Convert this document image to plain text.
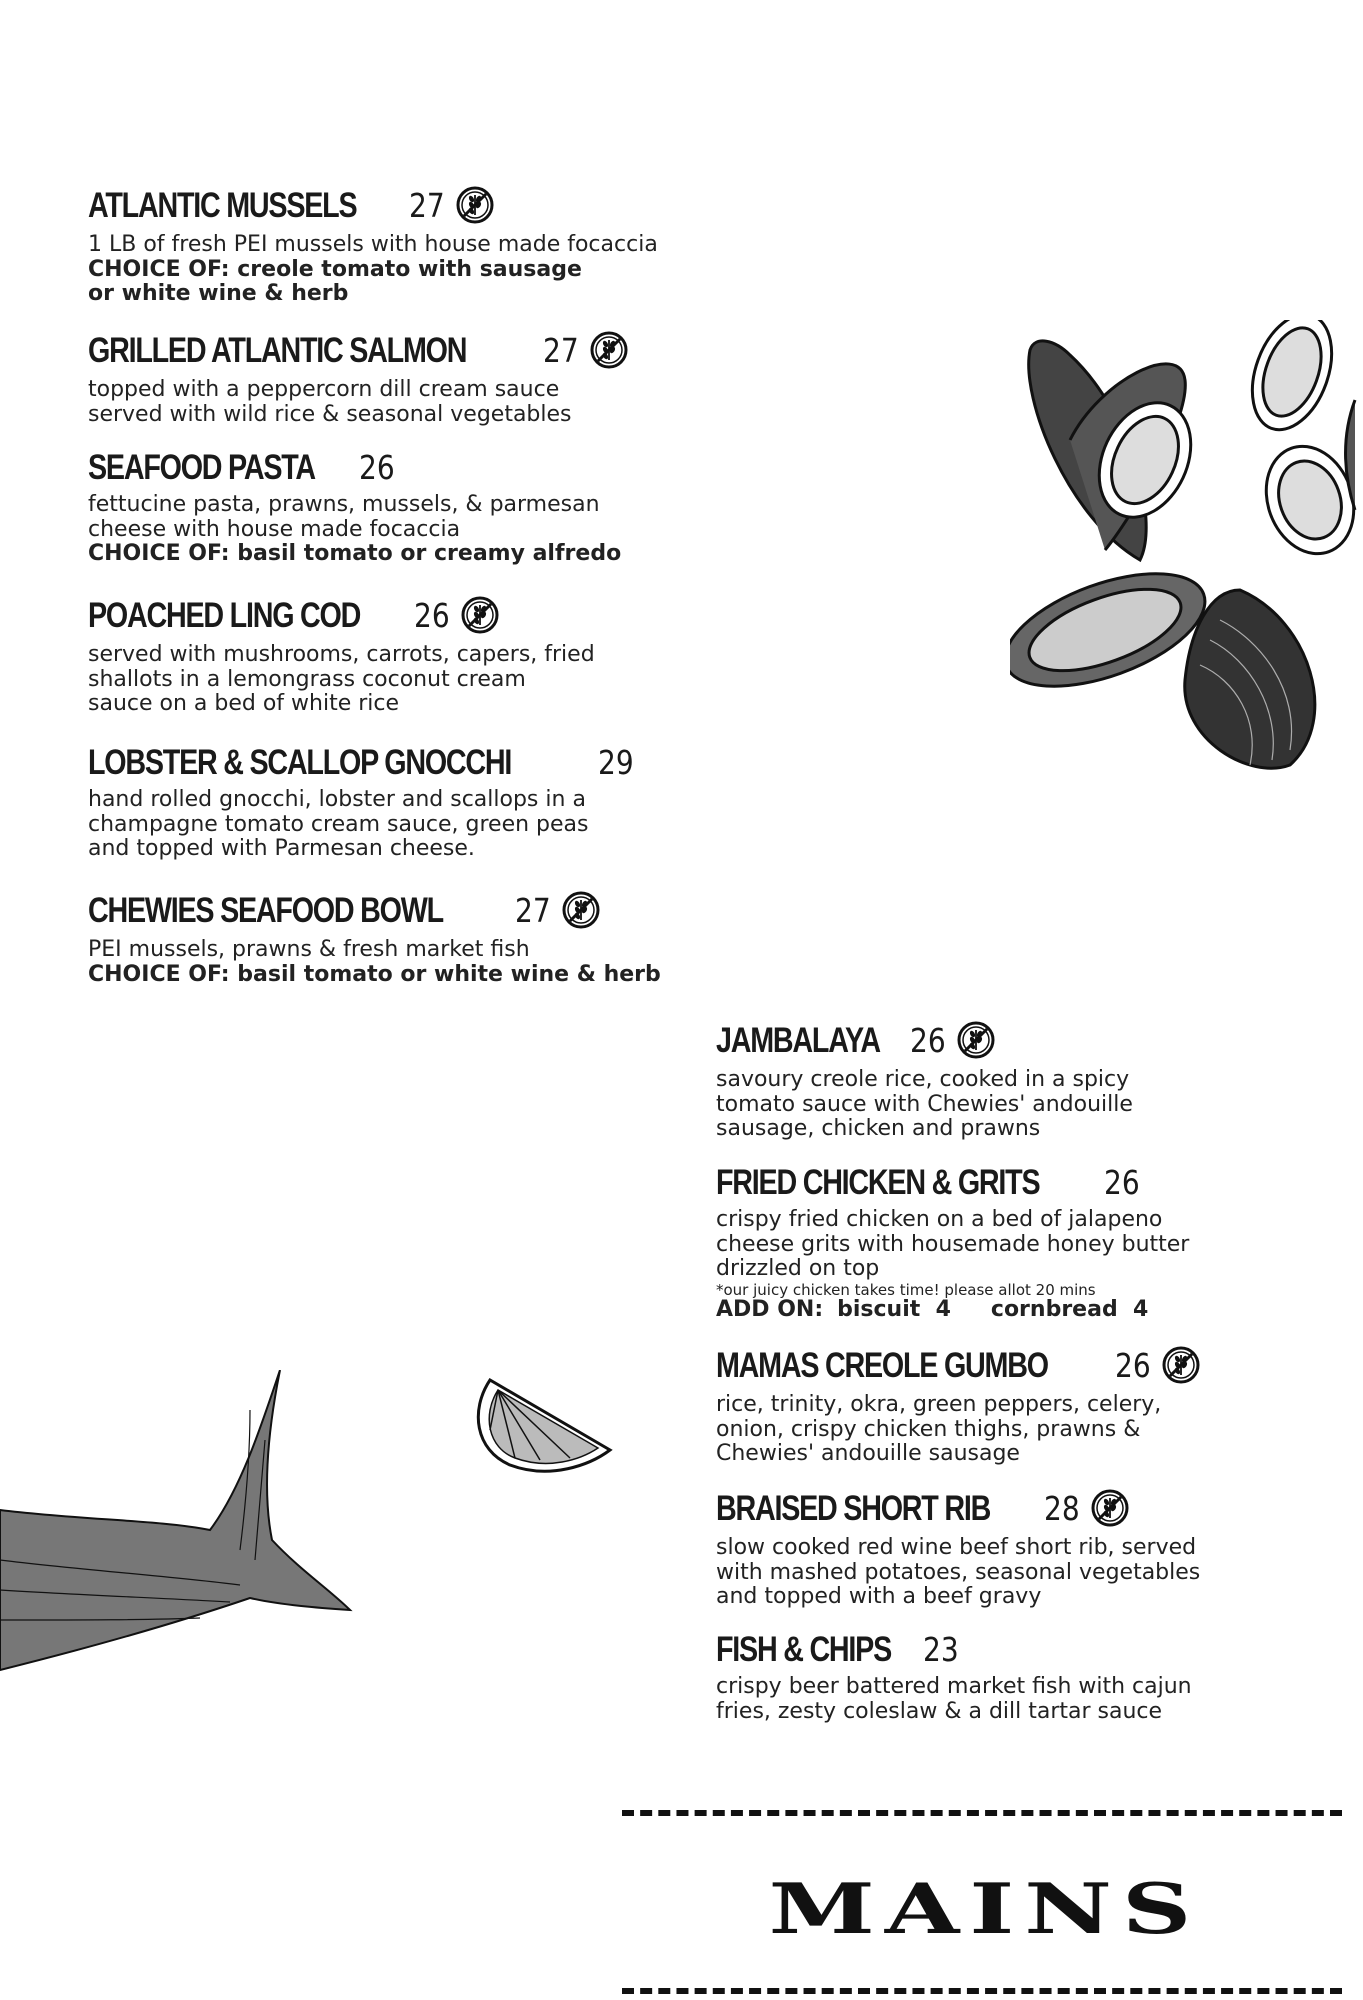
ATLANTIC MUSSELS 27
1 LB of fresh PEI mussels with house made focaccia
CHOICE OF: creole tomato with sausage
or white wine & herb
GRILLED ATLANTIC SALMON 27
topped with a peppercorn dill cream sauce
served with wild rice & seasonal vegetables
SEAFOOD PASTA 26
fettucine pasta, prawns, mussels, & parmesan
cheese with house made focaccia
CHOICE OF: basil tomato or creamy alfredo
POACHED LING COD 26
served with mushrooms, carrots, capers, fried
shallots in a lemongrass coconut cream
sauce on a bed of white rice
LOBSTER & SCALLOP GNOCCHI	29
hand rolled gnocchi, lobster and scallops in a
champagne tomato cream sauce, green peas
and topped with Parmesan cheese.
CHEWIES SEAFOOD BOWL 27
PEI mussels, prawns & fresh market fish
CHOICE OF: basil tomato or white wine & herb
JAMBALAYA 26
savoury creole rice, cooked in a spicy
tomato sauce with Chewies' andouille
sausage, chicken and prawns
FRIED CHICKEN & GRITS 26
crispy fried chicken on a bed of jalapeno
cheese grits with housemade honey butter
drizzled on top
*our juicy chicken takes time! please allot 20 mins
ADD ON: biscuit  4 cornbread  4
MAMAS CREOLE GUMBO 26
rice, trinity, okra, green peppers, celery,
onion, crispy chicken thighs, prawns &
Chewies' andouille sausage
BRAISED SHORT RIB 28
slow cooked red wine beef short rib, served
with mashed potatoes, seasonal vegetables
and topped with a beef gravy
FISH & CHIPS 23
crispy beer battered market fish with cajun
fries, zesty coleslaw & a dill tartar sauce
MAINS
